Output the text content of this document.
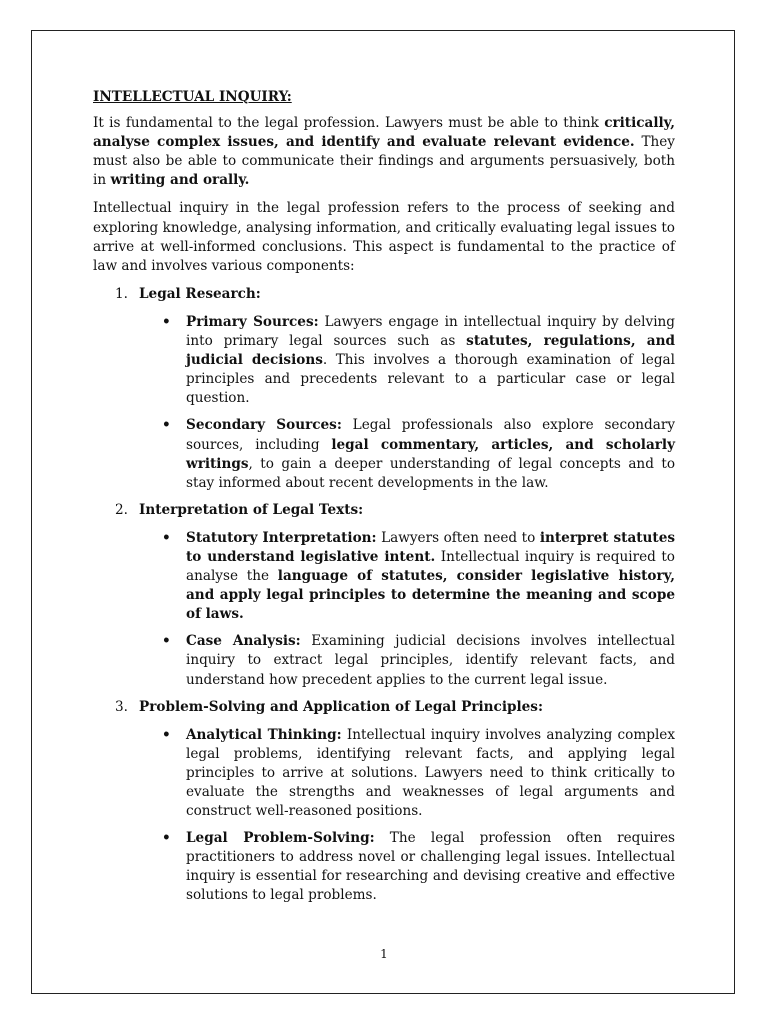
INTELLECTUAL INQUIRY:

It is fundamental to the legal profession. Lawyers must be able to think critically, analyse complex issues, and identify and evaluate relevant evidence. They must also be able to communicate their findings and arguments persuasively, both in writing and orally.

Intellectual inquiry in the legal profession refers to the process of seeking and exploring knowledge, analysing information, and critically evaluating legal issues to arrive at well-informed conclusions. This aspect is fundamental to the practice of law and involves various components:

1. Legal Research:
• Primary Sources: Lawyers engage in intellectual inquiry by delving into primary legal sources such as statutes, regulations, and judicial decisions. This involves a thorough examination of legal principles and precedents relevant to a particular case or legal question.
• Secondary Sources: Legal professionals also explore secondary sources, including legal commentary, articles, and scholarly writings, to gain a deeper understanding of legal concepts and to stay informed about recent developments in the law.
2. Interpretation of Legal Texts:
• Statutory Interpretation: Lawyers often need to interpret statutes to understand legislative intent. Intellectual inquiry is required to analyse the language of statutes, consider legislative history, and apply legal principles to determine the meaning and scope of laws.
• Case Analysis: Examining judicial decisions involves intellectual inquiry to extract legal principles, identify relevant facts, and understand how precedent applies to the current legal issue.
3. Problem-Solving and Application of Legal Principles:
• Analytical Thinking: Intellectual inquiry involves analyzing complex legal problems, identifying relevant facts, and applying legal principles to arrive at solutions. Lawyers need to think critically to evaluate the strengths and weaknesses of legal arguments and construct well-reasoned positions.
• Legal Problem-Solving: The legal profession often requires practitioners to address novel or challenging legal issues. Intellectual inquiry is essential for researching and devising creative and effective solutions to legal problems.
1
